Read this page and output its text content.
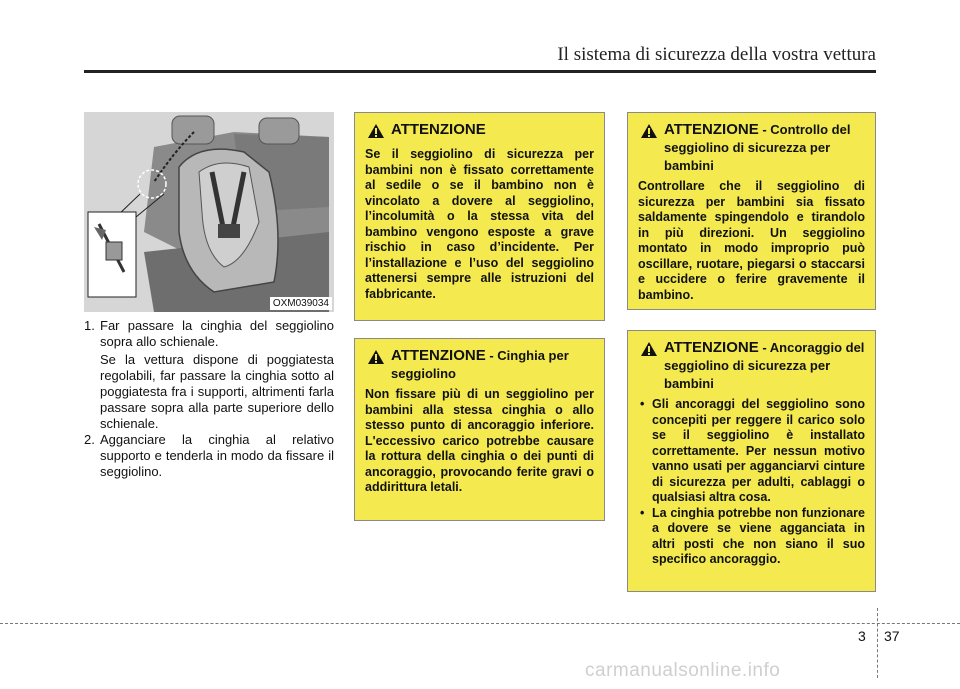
Il sistema di sicurezza della vostra vettura
OXM039034
1. Far passare la cinghia del seggiolino sopra allo schienale.

Se la vettura dispone di poggiatesta regolabili, far passare la cinghia sotto al poggiatesta fra i supporti, altrimenti farla passare sopra alla parte superiore dello schienale.

2. Agganciare la cinghia al relativo supporto e tenderla in modo da fissare il seggiolino.

ATTENZIONE
Se il seggiolino di sicurezza per bambini non è fissato correttamente al sedile o se il bambino non è vincolato a dovere al seggiolino, l’incolumità o la stessa vita del bambino vengono esposte a grave rischio in caso d’incidente. Per l’installazione e l’uso del seggiolino attenersi sempre alle istruzioni del fabbricante.
ATTENZIONE - Cinghia per seggiolino
Non fissare più di un seggiolino per bambini alla stessa cinghia o allo stesso punto di ancoraggio inferiore. L'eccessivo carico potrebbe causare la rottura della cinghia o dei punti di ancoraggio, provocando ferite gravi o addirittura letali.
ATTENZIONE - Controllo del seggiolino di sicurezza per bambini
Controllare che il seggiolino di sicurezza per bambini sia fissato saldamente spingendolo e tirandolo in più direzioni. Un seggiolino montato in modo improprio può oscillare, ruotare, piegarsi o staccarsi e uccidere o ferire gravemente il bambino.
ATTENZIONE - Ancoraggio del seggiolino di sicurezza per bambini
• Gli ancoraggi del seggiolino sono concepiti per reggere il carico solo se il seggiolino è installato correttamente. Per nessun motivo vanno usati per agganciarvi cinture di sicurezza per adulti, cablaggi o qualsiasi altra cosa.
• La cinghia potrebbe non funzionare a dovere se viene agganciata in altri posti che non siano il suo specifico ancoraggio.
3 37
carmanualsonline.info
